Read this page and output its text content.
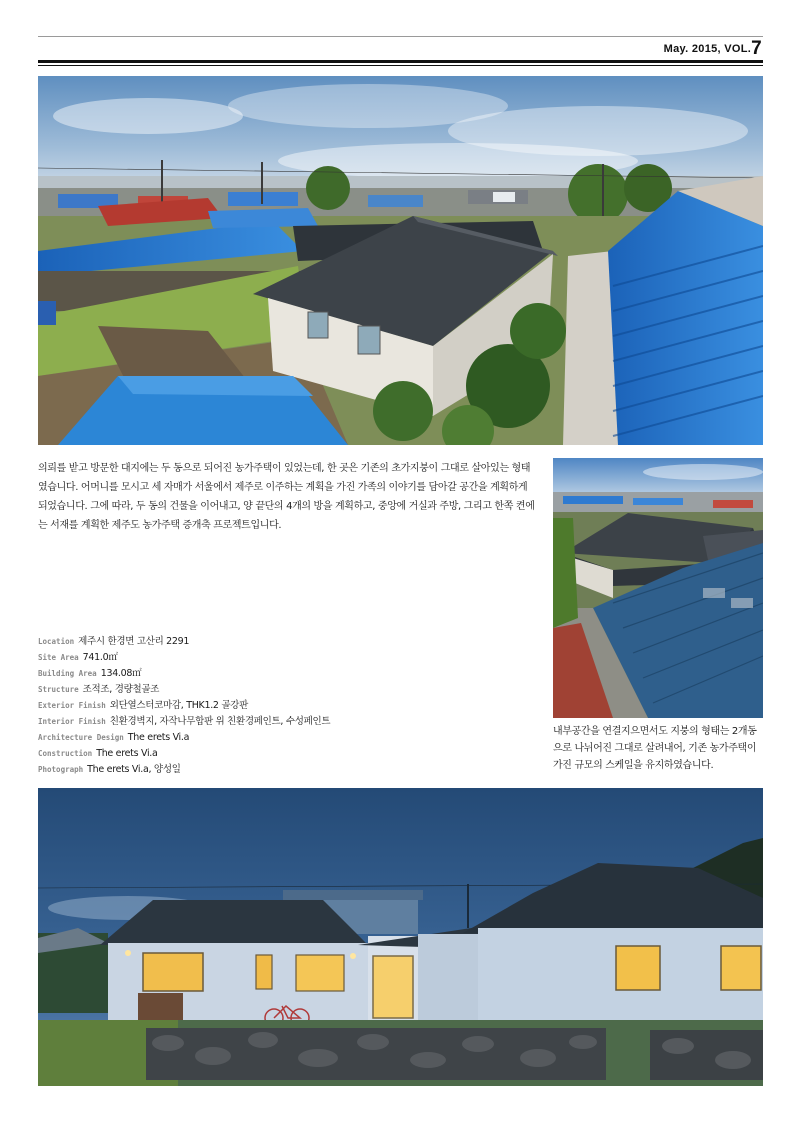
May. 2015, VOL.7
의뢰를 받고 방문한 대지에는 두 동으로 되어진 농가주택이 있었는데, 한 곳은 기존의 초가지붕이 그대로 살아있는 형태였습니다. 어머니를 모시고 세 자매가 서울에서 제주로 이주하는 계획을 가진 가족의 이야기를 담아갈 공간을 계획하게 되었습니다. 그에 따라, 두 동의 건물을 이어내고, 양 끝단의 4개의 방을 계획하고, 중앙에 거실과 주방, 그리고 한쪽 켠에는 서재를 계획한 제주도 농가주택 증개축 프로젝트입니다.
내부공간을 연결지으면서도 지붕의 형태는 2개동으로 나뉘어진 그대로 살려내어, 기존 농가주택이 가진 규모의 스케일을 유지하였습니다.
Location 제주시 한경면 고산리 2291
Site Area 741.0㎡
Building Area 134.08㎡
Structure 조적조, 경량철골조
Exterior Finish 외단열스터코마감, THK1.2 골강판
Interior Finish 친환경벽지, 자작나무합판 위 친환경페인트, 수성페인트
Architecture Design The erets Vi.a
Construction The erets Vi.a
Photograph The erets Vi.a, 양성일
